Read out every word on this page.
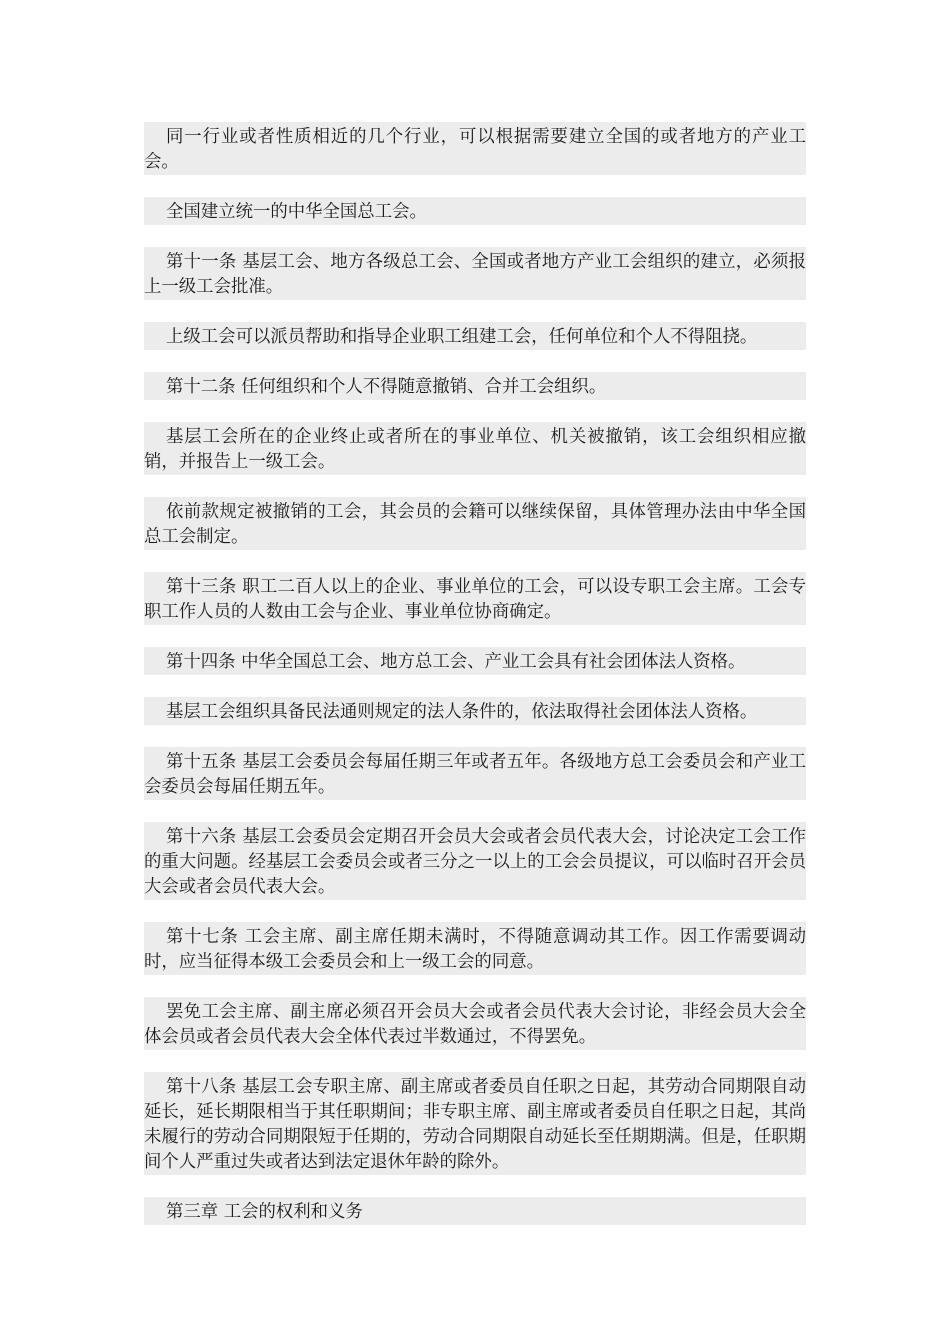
同一行业或者性质相近的几个行业，可以根据需要建立全国的或者地方的产业工会。

全国建立统一的中华全国总工会。

第十一条 基层工会、地方各级总工会、全国或者地方产业工会组织的建立，必须报上一级工会批准。

上级工会可以派员帮助和指导企业职工组建工会，任何单位和个人不得阻挠。

第十二条 任何组织和个人不得随意撤销、合并工会组织。

基层工会所在的企业终止或者所在的事业单位、机关被撤销，该工会组织相应撤销，并报告上一级工会。

依前款规定被撤销的工会，其会员的会籍可以继续保留，具体管理办法由中华全国总工会制定。

第十三条 职工二百人以上的企业、事业单位的工会，可以设专职工会主席。工会专职工作人员的人数由工会与企业、事业单位协商确定。

第十四条 中华全国总工会、地方总工会、产业工会具有社会团体法人资格。

基层工会组织具备民法通则规定的法人条件的，依法取得社会团体法人资格。

第十五条 基层工会委员会每届任期三年或者五年。各级地方总工会委员会和产业工会委员会每届任期五年。

第十六条 基层工会委员会定期召开会员大会或者会员代表大会，讨论决定工会工作的重大问题。经基层工会委员会或者三分之一以上的工会会员提议，可以临时召开会员大会或者会员代表大会。

第十七条 工会主席、副主席任期未满时，不得随意调动其工作。因工作需要调动时，应当征得本级工会委员会和上一级工会的同意。

罢免工会主席、副主席必须召开会员大会或者会员代表大会讨论，非经会员大会全体会员或者会员代表大会全体代表过半数通过，不得罢免。

第十八条 基层工会专职主席、副主席或者委员自任职之日起，其劳动合同期限自动延长，延长期限相当于其任职期间；非专职主席、副主席或者委员自任职之日起，其尚未履行的劳动合同期限短于任期的，劳动合同期限自动延长至任期期满。但是，任职期间个人严重过失或者达到法定退休年龄的除外。

第三章 工会的权利和义务
